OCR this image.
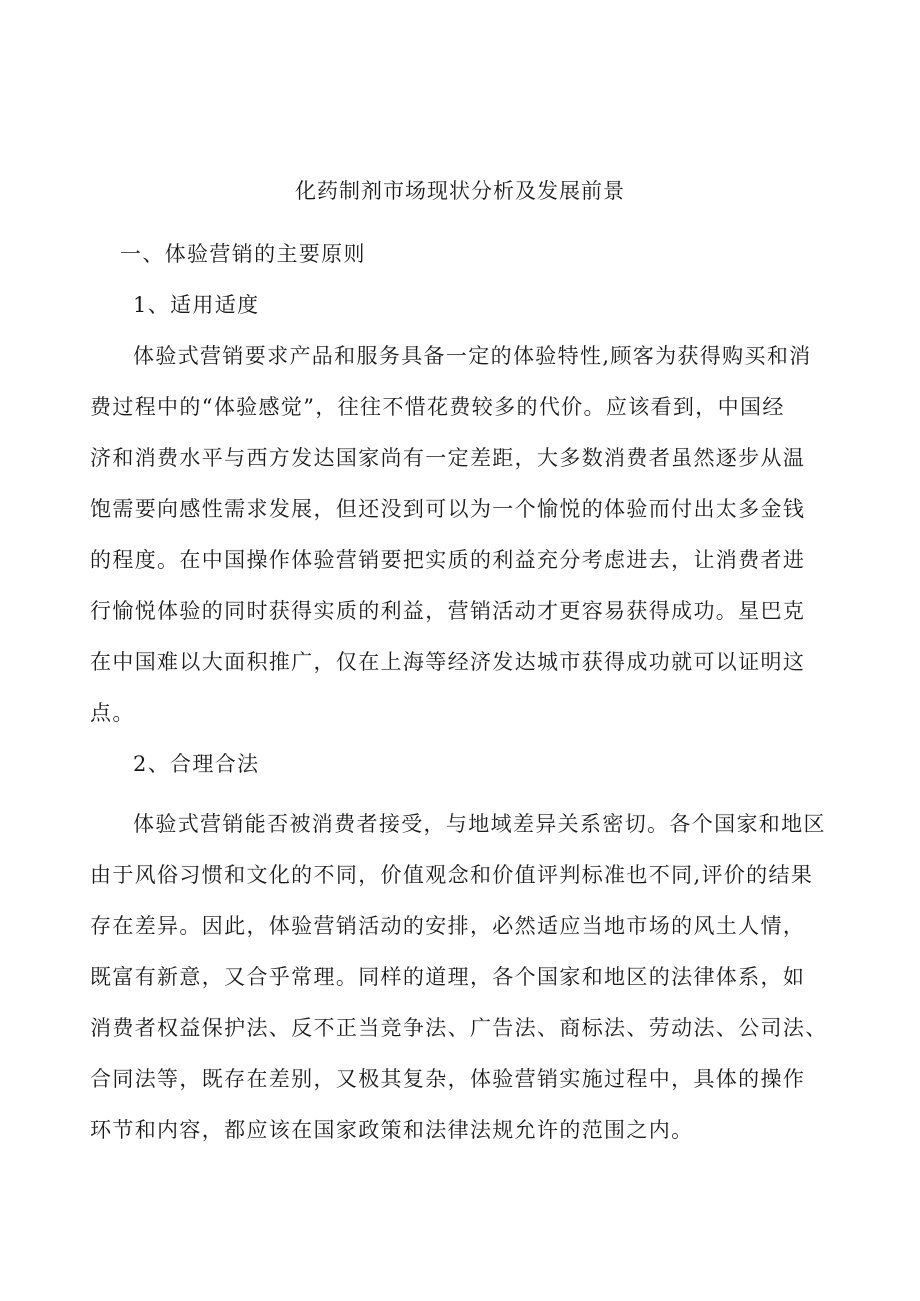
化药制剂市场现状分析及发展前景
一、体验营销的主要原则
1、适用适度
体验式营销要求产品和服务具备一定的体验特性,顾客为获得购买和消
费过程中的“体验感觉”，往往不惜花费较多的代价。应该看到，中国经
济和消费水平与西方发达国家尚有一定差距，大多数消费者虽然逐步从温
饱需要向感性需求发展，但还没到可以为一个愉悦的体验而付出太多金钱
的程度。在中国操作体验营销要把实质的利益充分考虑进去，让消费者进
行愉悦体验的同时获得实质的利益，营销活动才更容易获得成功。星巴克
在中国难以大面积推广，仅在上海等经济发达城市获得成功就可以证明这
点。
2、合理合法
体验式营销能否被消费者接受，与地域差异关系密切。各个国家和地区
由于风俗习惯和文化的不同，价值观念和价值评判标准也不同,评价的结果
存在差异。因此，体验营销活动的安排，必然适应当地市场的风土人情，
既富有新意，又合乎常理。同样的道理，各个国家和地区的法律体系，如
消费者权益保护法、反不正当竞争法、广告法、商标法、劳动法、公司法、
合同法等，既存在差别，又极其复杂，体验营销实施过程中，具体的操作
环节和内容，都应该在国家政策和法律法规允许的范围之内。
